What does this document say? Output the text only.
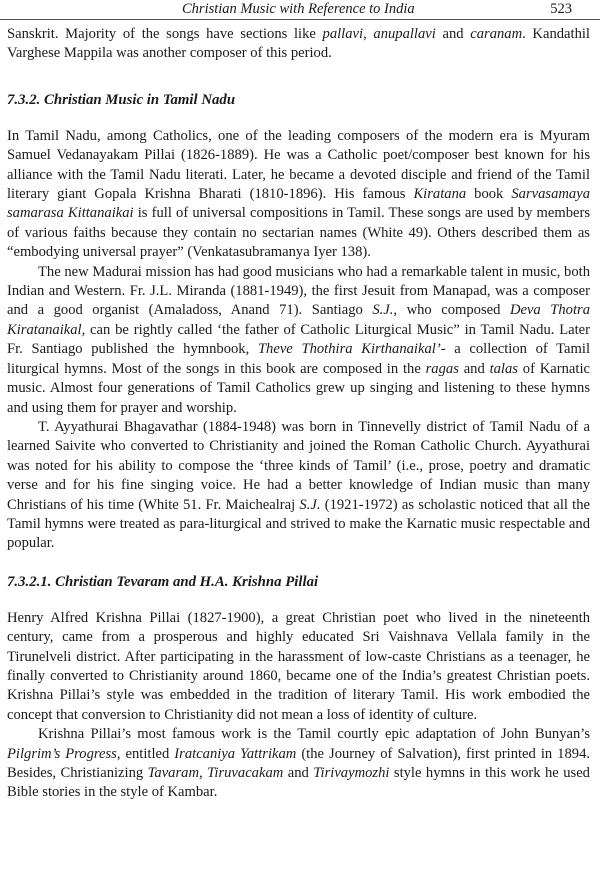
Christian Music with Reference to India	523

Sanskrit. Majority of the songs have sections like pallavi, anupallavi and caranam. Kandathil Varghese Mappila was another composer of this period.

7.3.2. Christian Music in Tamil Nadu

In Tamil Nadu, among Catholics, one of the leading composers of the modern era is Myuram Samuel Vedanayakam Pillai (1826-1889). He was a Catholic poet/composer best known for his alliance with the Tamil Nadu literati. Later, he became a devoted disciple and friend of the Tamil literary giant Gopala Krishna Bharati (1810-1896). His famous Kiratana book Sarvasamaya samarasa Kittanaikai is full of universal compositions in Tamil. These songs are used by members of various faiths because they contain no sectarian names (White 49). Others described them as “embodying universal prayer” (Venkatasubramanya Iyer 138).

The new Madurai mission has had good musicians who had a remarkable talent in music, both Indian and Western. Fr. J.L. Miranda (1881-1949), the first Jesuit from Manapad, was a composer and a good organist (Amaladoss, Anand 71). Santiago S.J., who composed Deva Thotra Kiratanaikal, can be rightly called ‘the father of Catholic Liturgical Music” in Tamil Nadu. Later Fr. Santiago published the hymnbook, Theve Thothira Kirthanaikal’- a collection of Tamil liturgical hymns. Most of the songs in this book are composed in the ragas and talas of Karnatic music. Almost four generations of Tamil Catholics grew up singing and listening to these hymns and using them for prayer and worship.

T. Ayyathurai Bhagavathar (1884-1948) was born in Tinnevelly district of Tamil Nadu of a learned Saivite who converted to Christianity and joined the Roman Catholic Church. Ayyathurai was noted for his ability to compose the ‘three kinds of Tamil’ (i.e., prose, poetry and dramatic verse and for his fine singing voice. He had a better knowledge of Indian music than many Christians of his time (White 51. Fr. Maichealraj S.J. (1921-1972) as scholastic noticed that all the Tamil hymns were treated as para-liturgical and strived to make the Karnatic music respectable and popular.

7.3.2.1. Christian Tevaram and H.A. Krishna Pillai

Henry Alfred Krishna Pillai (1827-1900), a great Christian poet who lived in the nineteenth century, came from a prosperous and highly educated Sri Vaishnava Vellala family in the Tirunelveli district. After participating in the harassment of low-caste Christians as a teenager, he finally converted to Christianity around 1860, became one of the India’s greatest Christian poets. Krishna Pillai’s style was embedded in the tradition of literary Tamil. His work embodied the concept that conversion to Christianity did not mean a loss of identity of culture.

Krishna Pillai’s most famous work is the Tamil courtly epic adaptation of John Bunyan’s Pilgrim’s Progress, entitled Iratcaniya Yattrikam (the Journey of Salvation), first printed in 1894. Besides, Christianizing Tavaram, Tiruvacakam and Tirivaymozhi style hymns in this work he used Bible stories in the style of Kambar.
